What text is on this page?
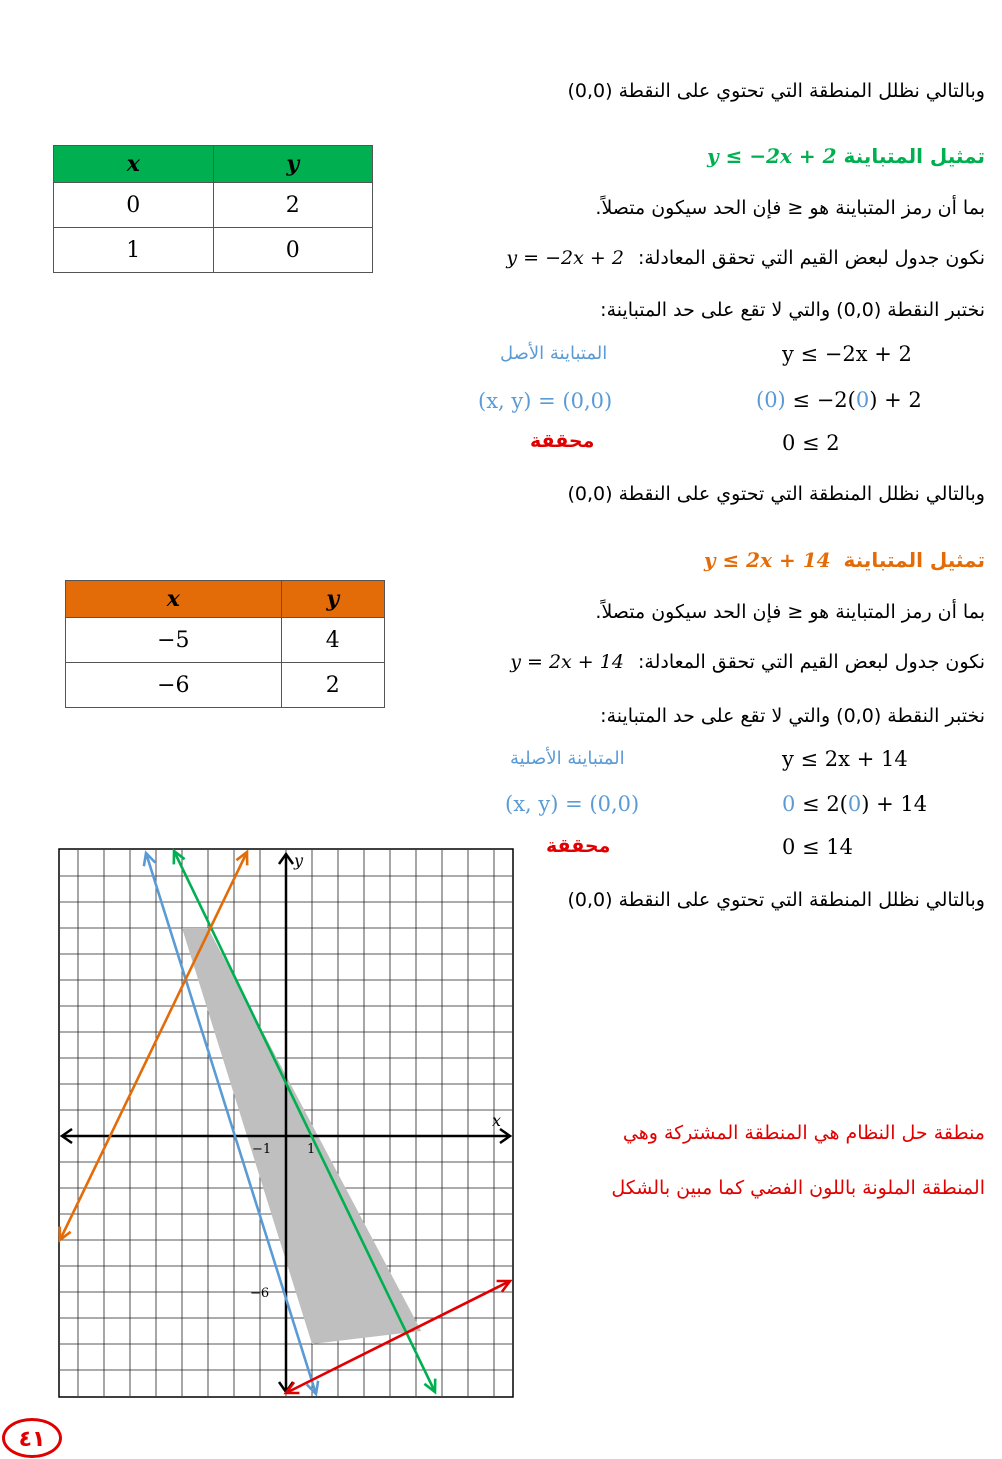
وبالتالي نظلل المنطقة التي تحتوي على النقطة (0,0)
تمثيل المتباينة y ≤ −2x + 2
بما أن رمز المتباينة هو ≤ فإن الحد سيكون متصلاً.
نكون جدول لبعض القيم التي تحقق المعادلة: y = −2x + 2
نختبر النقطة (0,0) والتي لا تقع على حد المتباينة:
المتباينة الأصل	y ≤ −2x + 2
(x, y) = (0,0)	(0) ≤ −2(0) + 2
محققة	0 ≤ 2
وبالتالي نظلل المنطقة التي تحتوي على النقطة (0,0)
x	y
0	2
1	0
تمثيل المتباينة y ≤ 2x + 14
بما أن رمز المتباينة هو ≤ فإن الحد سيكون متصلاً.
نكون جدول لبعض القيم التي تحقق المعادلة: y = 2x + 14
نختبر النقطة (0,0) والتي لا تقع على حد المتباينة:
المتباينة الأصلية	y ≤ 2x + 14
(x, y) = (0,0)	0 ≤ 2(0) + 14
محققة	0 ≤ 14
وبالتالي نظلل المنطقة التي تحتوي على النقطة (0,0)
x	y
−5	4
−6	2
منطقة حل النظام هي المنطقة المشتركة وهي
المنطقة الملونة باللون الفضي كما مبين بالشكل
y
x
−1	1
−6
٤١
